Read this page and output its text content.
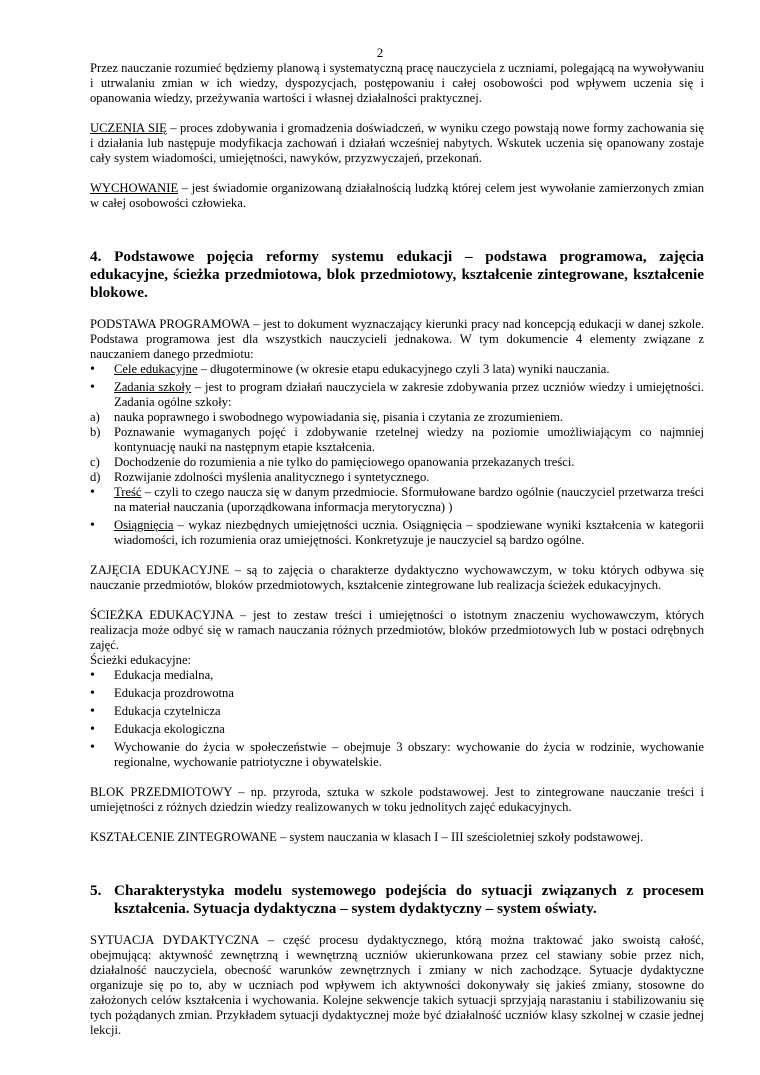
2

Przez nauczanie rozumieć będziemy planową i systematyczną pracę nauczyciela z uczniami, polegającą na wywoływaniu i utrwalaniu zmian w ich wiedzy, dyspozycjach, postępowaniu i całej osobowości pod wpływem uczenia się i opanowania wiedzy, przeżywania wartości i własnej działalności praktycznej.

UCZENIA SIĘ – proces zdobywania i gromadzenia doświadczeń, w wyniku czego powstają nowe formy zachowania się i działania lub następuje modyfikacja zachowań i działań wcześniej nabytych. Wskutek uczenia się opanowany zostaje cały system wiadomości, umiejętności, nawyków, przyzwyczajeń, przekonań.

WYCHOWANIE – jest świadomie organizowaną działalnością ludzką której celem jest wywołanie zamierzonych zmian w całej osobowości człowieka.

4. Podstawowe pojęcia reformy systemu edukacji – podstawa programowa, zajęcia edukacyjne, ścieżka przedmiotowa, blok przedmiotowy, kształcenie zintegrowane, kształcenie blokowe.

PODSTAWA PROGRAMOWA – jest to dokument wyznaczający kierunki pracy nad koncepcją edukacji w danej szkole. Podstawa programowa jest dla wszystkich nauczycieli jednakowa. W tym dokumencie 4 elementy związane z nauczaniem danego przedmiotu:

•	Cele edukacyjne – długoterminowe (w okresie etapu edukacyjnego czyli 3 lata) wyniki nauczania.
•	Zadania szkoły – jest to program działań nauczyciela w zakresie zdobywania przez uczniów wiedzy i umiejętności. Zadania ogólne szkoły:
a)	nauka poprawnego i swobodnego wypowiadania się, pisania i czytania ze zrozumieniem.
b)	Poznawanie wymaganych pojęć i zdobywanie rzetelnej wiedzy na poziomie umożliwiającym co najmniej kontynuację nauki na następnym etapie kształcenia.
c)	Dochodzenie do rozumienia a nie tylko do pamięciowego opanowania przekazanych treści.
d)	Rozwijanie zdolności myślenia analitycznego i syntetycznego.
•	Treść – czyli to czego naucza się w danym przedmiocie. Sformułowane bardzo ogólnie (nauczyciel przetwarza treści na materiał nauczania (uporządkowana informacja merytoryczna) )
•	Osiągnięcia – wykaz niezbędnych umiejętności ucznia. Osiągnięcia – spodziewane wyniki kształcenia w kategorii wiadomości, ich rozumienia oraz umiejętności. Konkretyzuje je nauczyciel są bardzo ogólne.

ZAJĘCIA EDUKACYJNE – są to zajęcia o charakterze dydaktyczno wychowawczym, w toku których odbywa się nauczanie przedmiotów, bloków przedmiotowych, kształcenie zintegrowane lub realizacja ścieżek edukacyjnych.

ŚCIEŻKA EDUKACYJNA – jest to zestaw treści i umiejętności o istotnym znaczeniu wychowawczym, których realizacja może odbyć się w ramach nauczania różnych przedmiotów, bloków przedmiotowych lub w postaci odrębnych zajęć.

Ścieżki edukacyjne:

•	Edukacja medialna,
•	Edukacja prozdrowotna
•	Edukacja czytelnicza
•	Edukacja ekologiczna
•	Wychowanie do życia w społeczeństwie – obejmuje 3 obszary: wychowanie do życia w rodzinie, wychowanie regionalne, wychowanie patriotyczne i obywatelskie.

BLOK PRZEDMIOTOWY – np. przyroda, sztuka w szkole podstawowej. Jest to zintegrowane nauczanie treści i umiejętności z różnych dziedzin wiedzy realizowanych w toku jednolitych zajęć edukacyjnych.

KSZTAŁCENIE ZINTEGROWANE – system nauczania w klasach I – III sześcioletniej szkoły podstawowej.

5. Charakterystyka modelu systemowego podejścia do sytuacji związanych z procesem kształcenia. Sytuacja dydaktyczna – system dydaktyczny – system oświaty.

SYTUACJA DYDAKTYCZNA – część procesu dydaktycznego, którą można traktować jako swoistą całość, obejmującą: aktywność zewnętrzną i wewnętrzną uczniów ukierunkowana przez cel stawiany sobie przez nich, działalność nauczyciela, obecność warunków zewnętrznych i zmiany w nich zachodzące. Sytuacje dydaktyczne organizuje się po to, aby w uczniach pod wpływem ich aktywności dokonywały się jakieś zmiany, stosowne do założonych celów kształcenia i wychowania. Kolejne sekwencje takich sytuacji sprzyjają narastaniu i stabilizowaniu się tych pożądanych zmian. Przykładem sytuacji dydaktycznej może być działalność uczniów klasy szkolnej w czasie jednej lekcji.
